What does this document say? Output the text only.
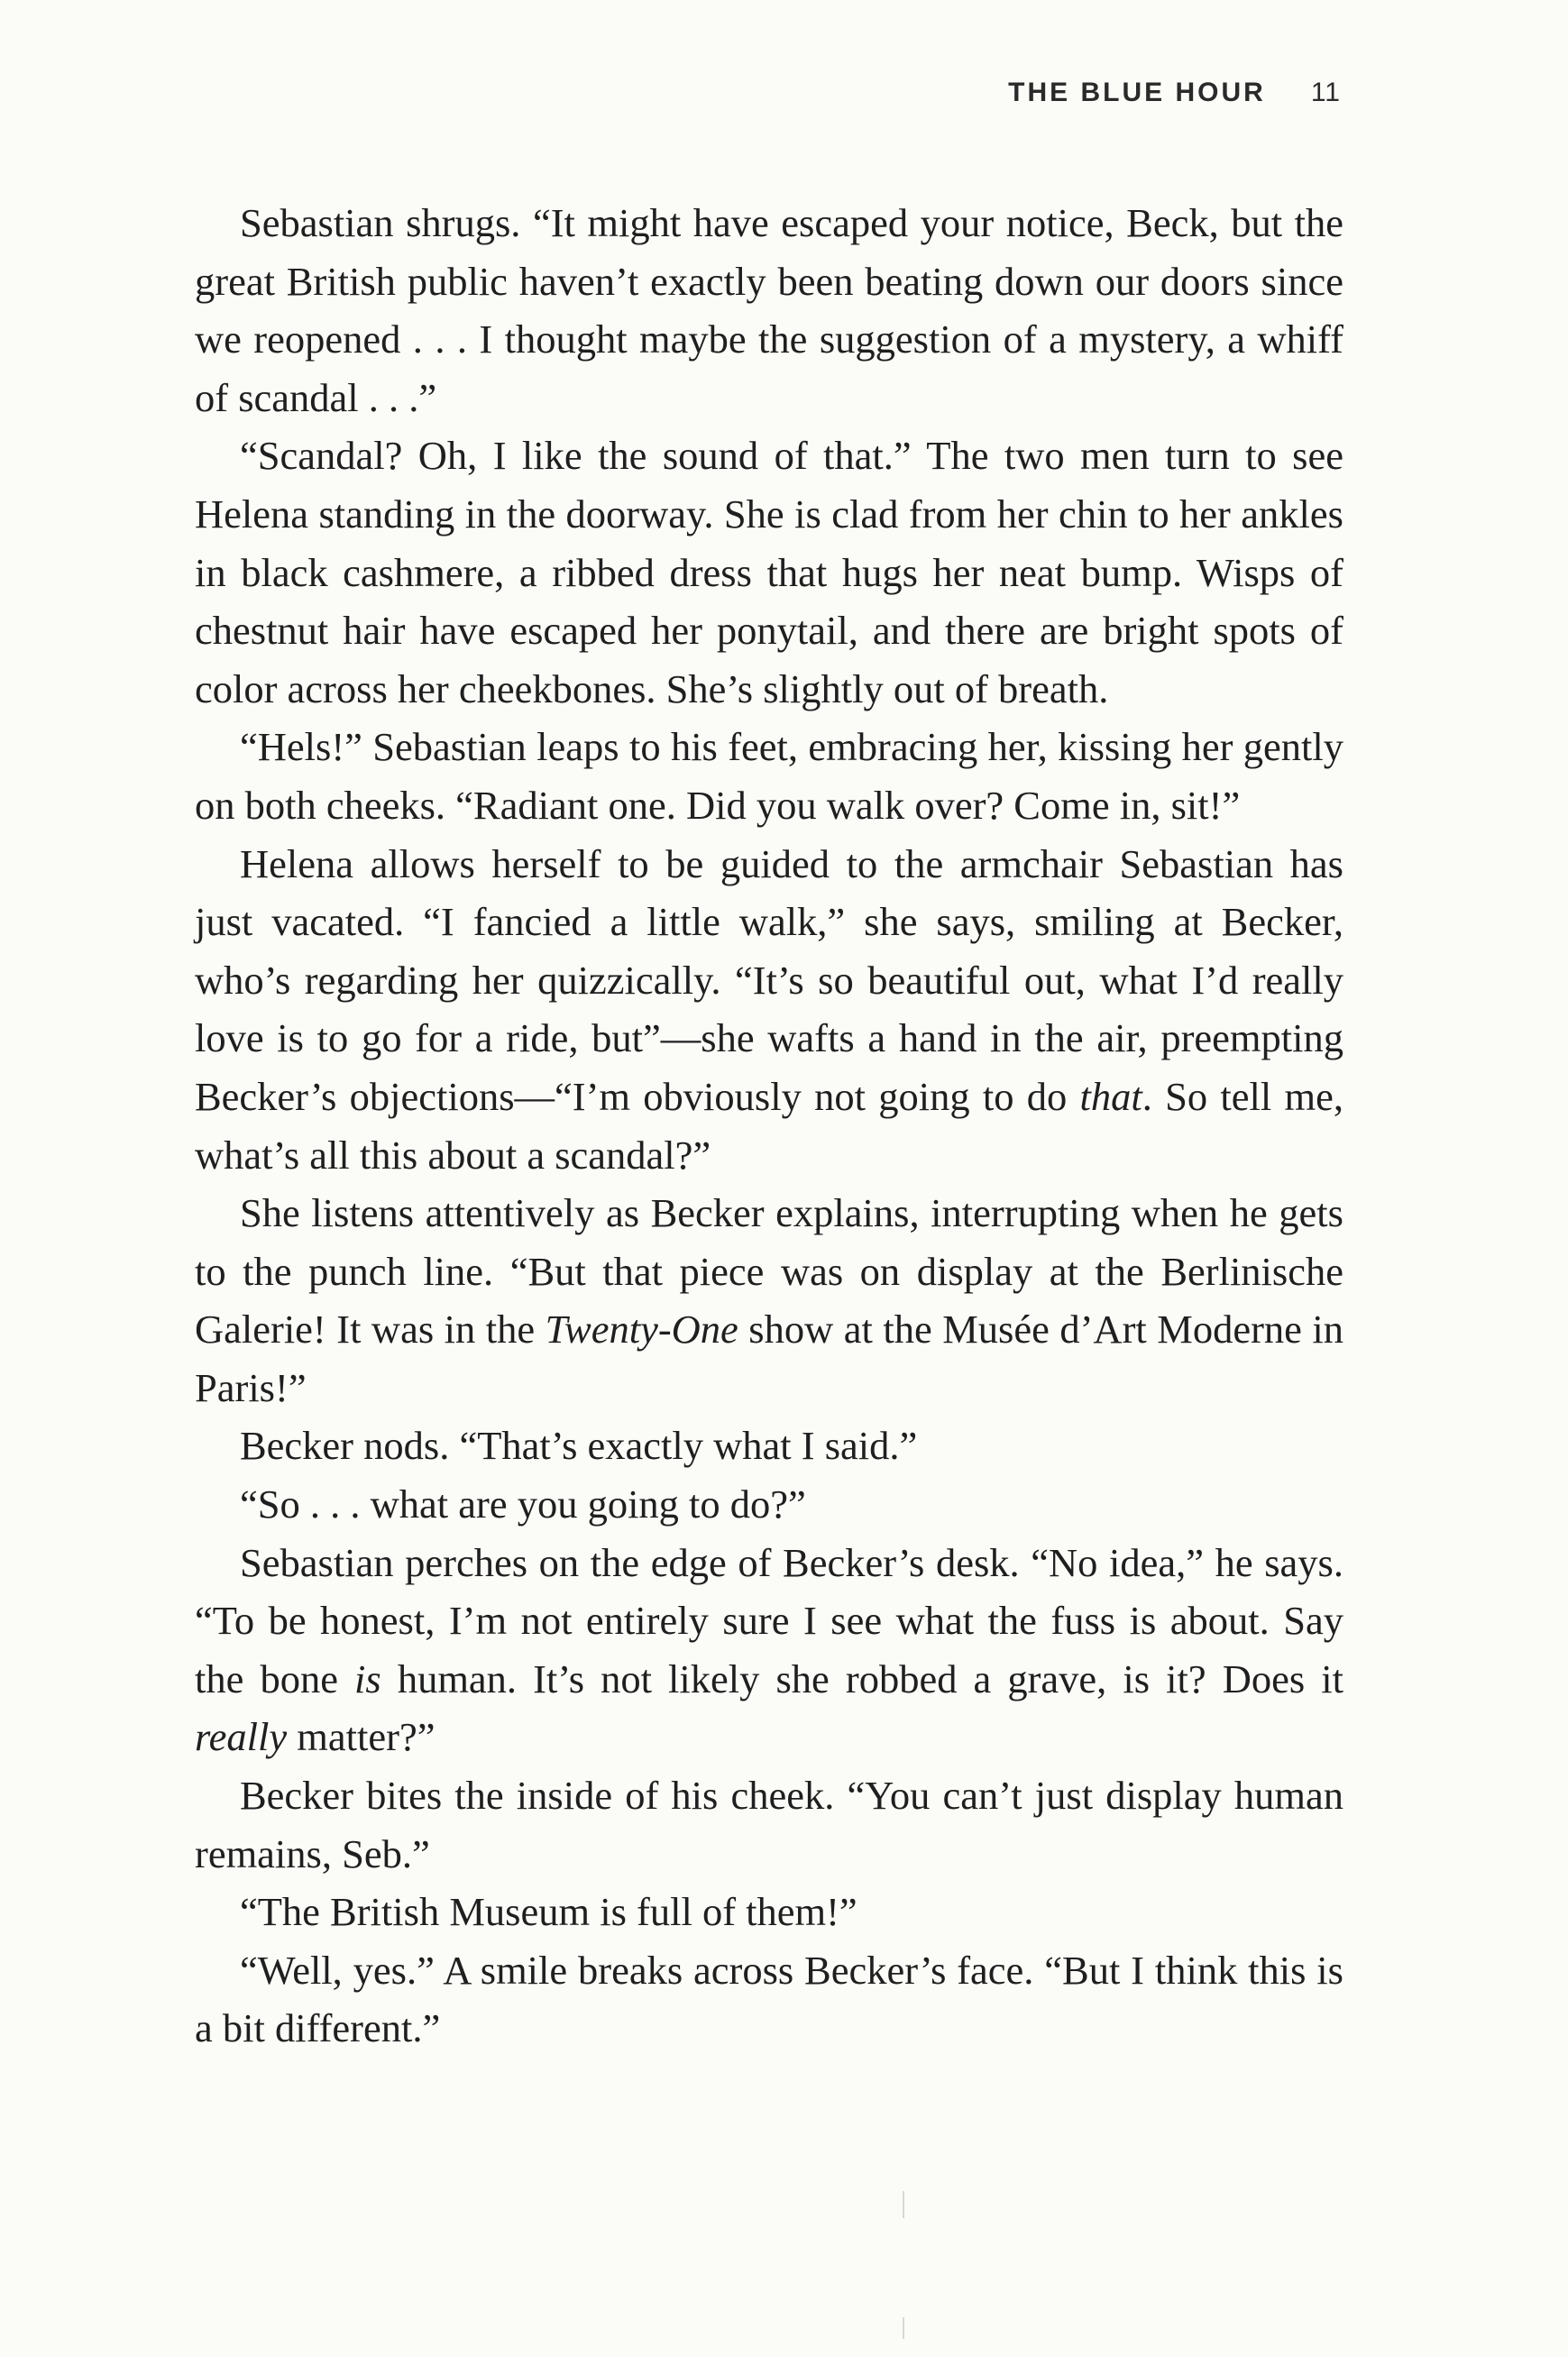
THE BLUE HOUR 11

Sebastian shrugs. “It might have escaped your notice, Beck, but the great British public haven’t exactly been beating down our doors since we reopened . . . I thought maybe the suggestion of a mystery, a whiff of scandal . . .”

“Scandal? Oh, I like the sound of that.” The two men turn to see Helena standing in the doorway. She is clad from her chin to her ankles in black cashmere, a ribbed dress that hugs her neat bump. Wisps of chestnut hair have escaped her ponytail, and there are bright spots of color across her cheekbones. She’s slightly out of breath.

“Hels!” Sebastian leaps to his feet, embracing her, kissing her gently on both cheeks. “Radiant one. Did you walk over? Come in, sit!”

Helena allows herself to be guided to the armchair Sebastian has just vacated. “I fancied a little walk,” she says, smiling at Becker, who’s regarding her quizzically. “It’s so beautiful out, what I’d really love is to go for a ride, but”—she wafts a hand in the air, preempting Becker’s objections—“I’m obviously not going to do that. So tell me, what’s all this about a scandal?”

She listens attentively as Becker explains, interrupting when he gets to the punch line. “But that piece was on display at the Berlinische Galerie! It was in the Twenty-One show at the Musée d’Art Moderne in Paris!”

Becker nods. “That’s exactly what I said.”

“So . . . what are you going to do?”

Sebastian perches on the edge of Becker’s desk. “No idea,” he says. “To be honest, I’m not entirely sure I see what the fuss is about. Say the bone is human. It’s not likely she robbed a grave, is it? Does it really matter?”

Becker bites the inside of his cheek. “You can’t just display human remains, Seb.”

“The British Museum is full of them!”

“Well, yes.” A smile breaks across Becker’s face. “But I think this is a bit different.”
